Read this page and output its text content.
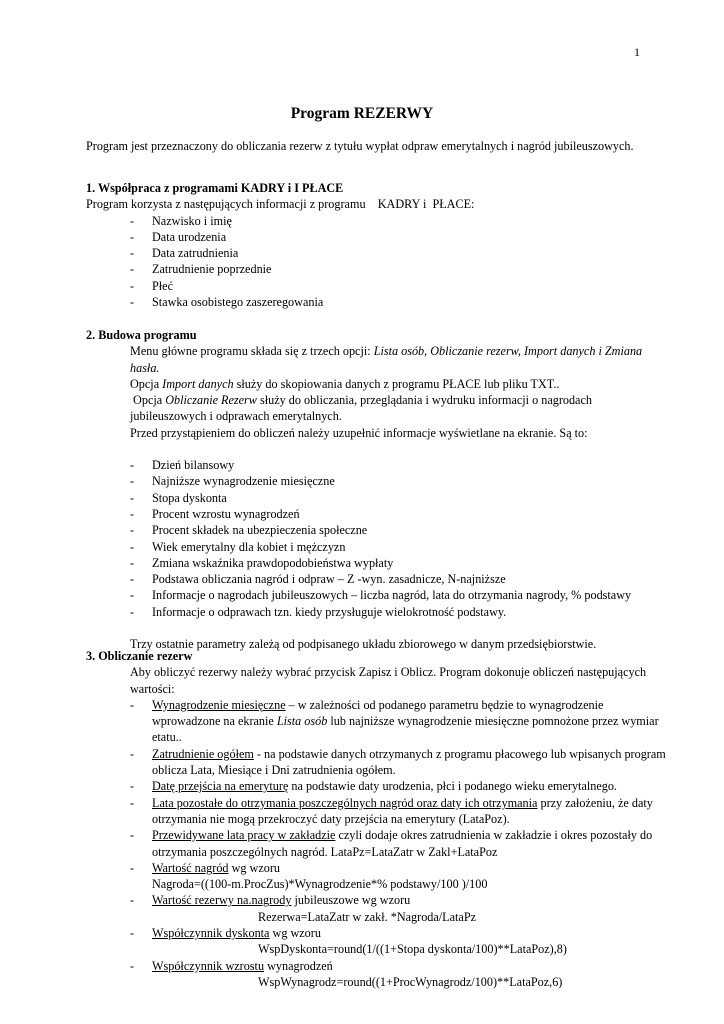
1
Program REZERWY
Program jest przeznaczony do obliczania rezerw z tytułu wypłat odpraw emerytalnych i nagród jubileuszowych.
1. Współpraca z programami KADRY i I PŁACE
Program korzysta z następujących informacji z programu    KADRY i  PŁACE:
- Nazwisko i imię
- Data urodzenia
- Data zatrudnienia
- Zatrudnienie poprzednie
- Płeć
- Stawka osobistego zaszeregowania
2. Budowa programu
Menu główne programu składa się z trzech opcji: Lista osób, Obliczanie rezerw, Import danych i Zmiana hasła.
Opcja Import danych służy do skopiowania danych z programu PŁACE lub pliku TXT..
Opcja Obliczanie Rezerw służy do obliczania, przeglądania i wydruku informacji o nagrodach jubileuszowych i odprawach emerytalnych.
Przed przystąpieniem do obliczeń należy uzupełnić informacje wyświetlane na ekranie. Są to:
- Dzień bilansowy
- Najniższe wynagrodzenie miesięczne
- Stopa dyskonta
- Procent wzrostu wynagrodzeń
- Procent składek na ubezpieczenia społeczne
- Wiek emerytalny dla kobiet i mężczyzn
- Zmiana wskaźnika prawdopodobieństwa wypłaty
- Podstawa obliczania nagród i odpraw – Z -wyn. zasadnicze, N-najniższe
- Informacje o nagrodach jubileuszowych – liczba nagród, lata do otrzymania nagrody, % podstawy
- Informacje o odprawach tzn. kiedy przysługuje wielokrotność podstawy.
Trzy ostatnie parametry zależą od podpisanego układu zbiorowego w danym przedsiębiorstwie.
3. Obliczanie rezerw
Aby obliczyć rezerwy należy wybrać przycisk Zapisz i Oblicz. Program dokonuje obliczeń następujących wartości:
- Wynagrodzenie miesięczne – w zależności od podanego parametru będzie to wynagrodzenie wprowadzone na ekranie Lista osób lub najniższe wynagrodzenie miesięczne pomnożone przez wymiar etatu..
- Zatrudnienie ogółem - na podstawie danych otrzymanych z programu płacowego lub wpisanych program oblicza Lata, Miesiące i Dni zatrudnienia ogółem.
- Datę przejścia na emeryturę na podstawie daty urodzenia, płci i podanego wieku emerytalnego.
- Lata pozostałe do otrzymania poszczególnych nagród oraz daty ich otrzymania przy założeniu, że daty otrzymania nie mogą przekroczyć daty przejścia na emerytury (LataPoz).
- Przewidywane lata pracy w zakładzie czyli dodaje okres zatrudnienia w zakładzie i okres pozostały do otrzymania poszczególnych nagród. LataPz=LataZatr w Zakl+LataPoz
- Wartość nagród wg wzoru
Nagroda=((100-m.ProcZus)*Wynagrodzenie*% podstawy/100 )/100
- Wartość rezerwy na.nagrody jubileuszowe wg wzoru
Rezerwa=LataZatr w zakł. *Nagroda/LataPz
- Współczynnik dyskonta wg wzoru
WspDyskonta=round(1/((1+Stopa dyskonta/100)**LataPoz),8)
- Współczynnik wzrostu wynagrodzeń
WspWynagrodz=round((1+ProcWynagrodz/100)**LataPoz,6)
